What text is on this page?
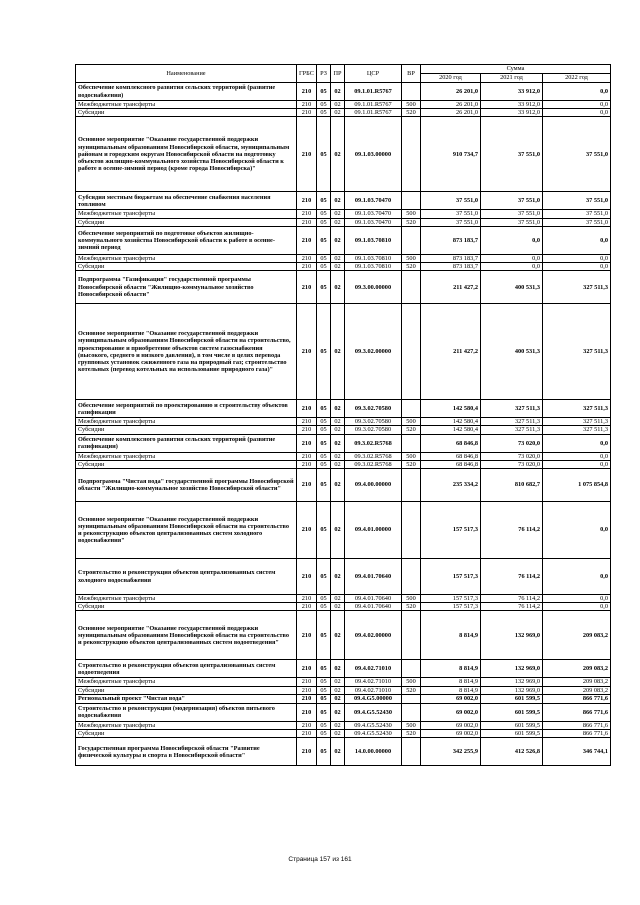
Наименование	ГРБС	РЗ	ПР	ЦСР	ВР	Сумма		
						2020 год	2021 год	2022 год
Обеспечение комплексного развития сельских территорий (развитие водоснабжения)	210	05	02	09.1.01.R5767		26 201,0	33 912,0	0,0
Межбюджетные трансферты	210	05	02	09.1.01.R5767	500	26 201,0	33 912,0	0,0
Субсидии	210	05	02	09.1.01.R5767	520	26 201,0	33 912,0	0,0
Основное мероприятие "Оказание государственной поддержки муниципальным образованиям Новосибирской области, муниципальным районам и городским округам Новосибирской области на подготовку объектов жилищно-коммунального хозяйства Новосибирской области к работе в осенне-зимний период (кроме города Новосибирска)"	210	05	02	09.1.03.00000		910 734,7	37 551,0	37 551,0
Субсидия местным бюджетам на обеспечение снабжения населения топливом	210	05	02	09.1.03.70470		37 551,0	37 551,0	37 551,0
Межбюджетные трансферты	210	05	02	09.1.03.70470	500	37 551,0	37 551,0	37 551,0
Субсидии	210	05	02	09.1.03.70470	520	37 551,0	37 551,0	37 551,0
Обеспечение мероприятий по подготовке объектов жилищно-коммунального хозяйства Новосибирской области к работе в осенне-зимний период	210	05	02	09.1.03.70810		873 183,7	0,0	0,0
Межбюджетные трансферты	210	05	02	09.1.03.70810	500	873 183,7	0,0	0,0
Субсидии	210	05	02	09.1.03.70810	520	873 183,7	0,0	0,0
Подпрограмма "Газификация" государственной программы Новосибирской области "Жилищно-коммунальное хозяйство Новосибирской области"	210	05	02	09.3.00.00000		211 427,2	400 531,3	327 511,3
Основное мероприятие "Оказание государственной поддержки муниципальным образованиям Новосибирской области на строительство, проектирование и приобретение объектов систем газоснабжения (высокого, среднего и низкого давления), в том числе в целях перевода групповых установок сжиженного газа на природный газ; строительство котельных (перевод котельных на использование природного газа)"	210	05	02	09.3.02.00000		211 427,2	400 531,3	327 511,3
Обеспечение мероприятий по проектированию и строительству объектов газификации	210	05	02	09.3.02.70580		142 580,4	327 511,3	327 511,3
Межбюджетные трансферты	210	05	02	09.3.02.70580	500	142 580,4	327 511,3	327 511,3
Субсидии	210	05	02	09.3.02.70580	520	142 580,4	327 511,3	327 511,3
Обеспечение комплексного развития сельских территорий (развитие газификации)	210	05	02	09.3.02.R5768		68 846,8	73 020,0	0,0
Межбюджетные трансферты	210	05	02	09.3.02.R5768	500	68 846,8	73 020,0	0,0
Субсидии	210	05	02	09.3.02.R5768	520	68 846,8	73 020,0	0,0
Подпрограмма "Чистая вода" государственной программы Новосибирской области "Жилищно-коммунальное хозяйство Новосибирской области"	210	05	02	09.4.00.00000		235 334,2	810 682,7	1 075 854,8
Основное мероприятие "Оказание государственной поддержки муниципальным образованиям Новосибирской области на строительство и реконструкцию объектов централизованных систем холодного водоснабжения"	210	05	02	09.4.01.00000		157 517,3	76 114,2	0,0
Строительство и реконструкция объектов централизованных систем холодного водоснабжения	210	05	02	09.4.01.70640		157 517,3	76 114,2	0,0
Межбюджетные трансферты	210	05	02	09.4.01.70640	500	157 517,3	76 114,2	0,0
Субсидии	210	05	02	09.4.01.70640	520	157 517,3	76 114,2	0,0
Основное мероприятие "Оказание государственной поддержки муниципальным образованиям Новосибирской области на строительство и реконструкцию объектов централизованных систем водоотведения"	210	05	02	09.4.02.00000		8 814,9	132 969,0	209 083,2
Строительство и реконструкция объектов централизованных систем водоотведения	210	05	02	09.4.02.71010		8 814,9	132 969,0	209 083,2
Межбюджетные трансферты	210	05	02	09.4.02.71010	500	8 814,9	132 969,0	209 083,2
Субсидии	210	05	02	09.4.02.71010	520	8 814,9	132 969,0	209 083,2
Региональный проект "Чистая вода"	210	05	02	09.4.G5.00000		69 002,0	601 599,5	866 771,6
Строительство и реконструкция (модернизация) объектов питьевого водоснабжения	210	05	02	09.4.G5.52430		69 002,0	601 599,5	866 771,6
Межбюджетные трансферты	210	05	02	09.4.G5.52430	500	69 002,0	601 599,5	866 771,6
Субсидии	210	05	02	09.4.G5.52430	520	69 002,0	601 599,5	866 771,6
Государственная программа Новосибирской области "Развитие физической культуры и спорта в Новосибирской области"	210	05	02	14.0.00.00000		342 255,9	412 526,8	346 744,1
Страница 157 из 161
